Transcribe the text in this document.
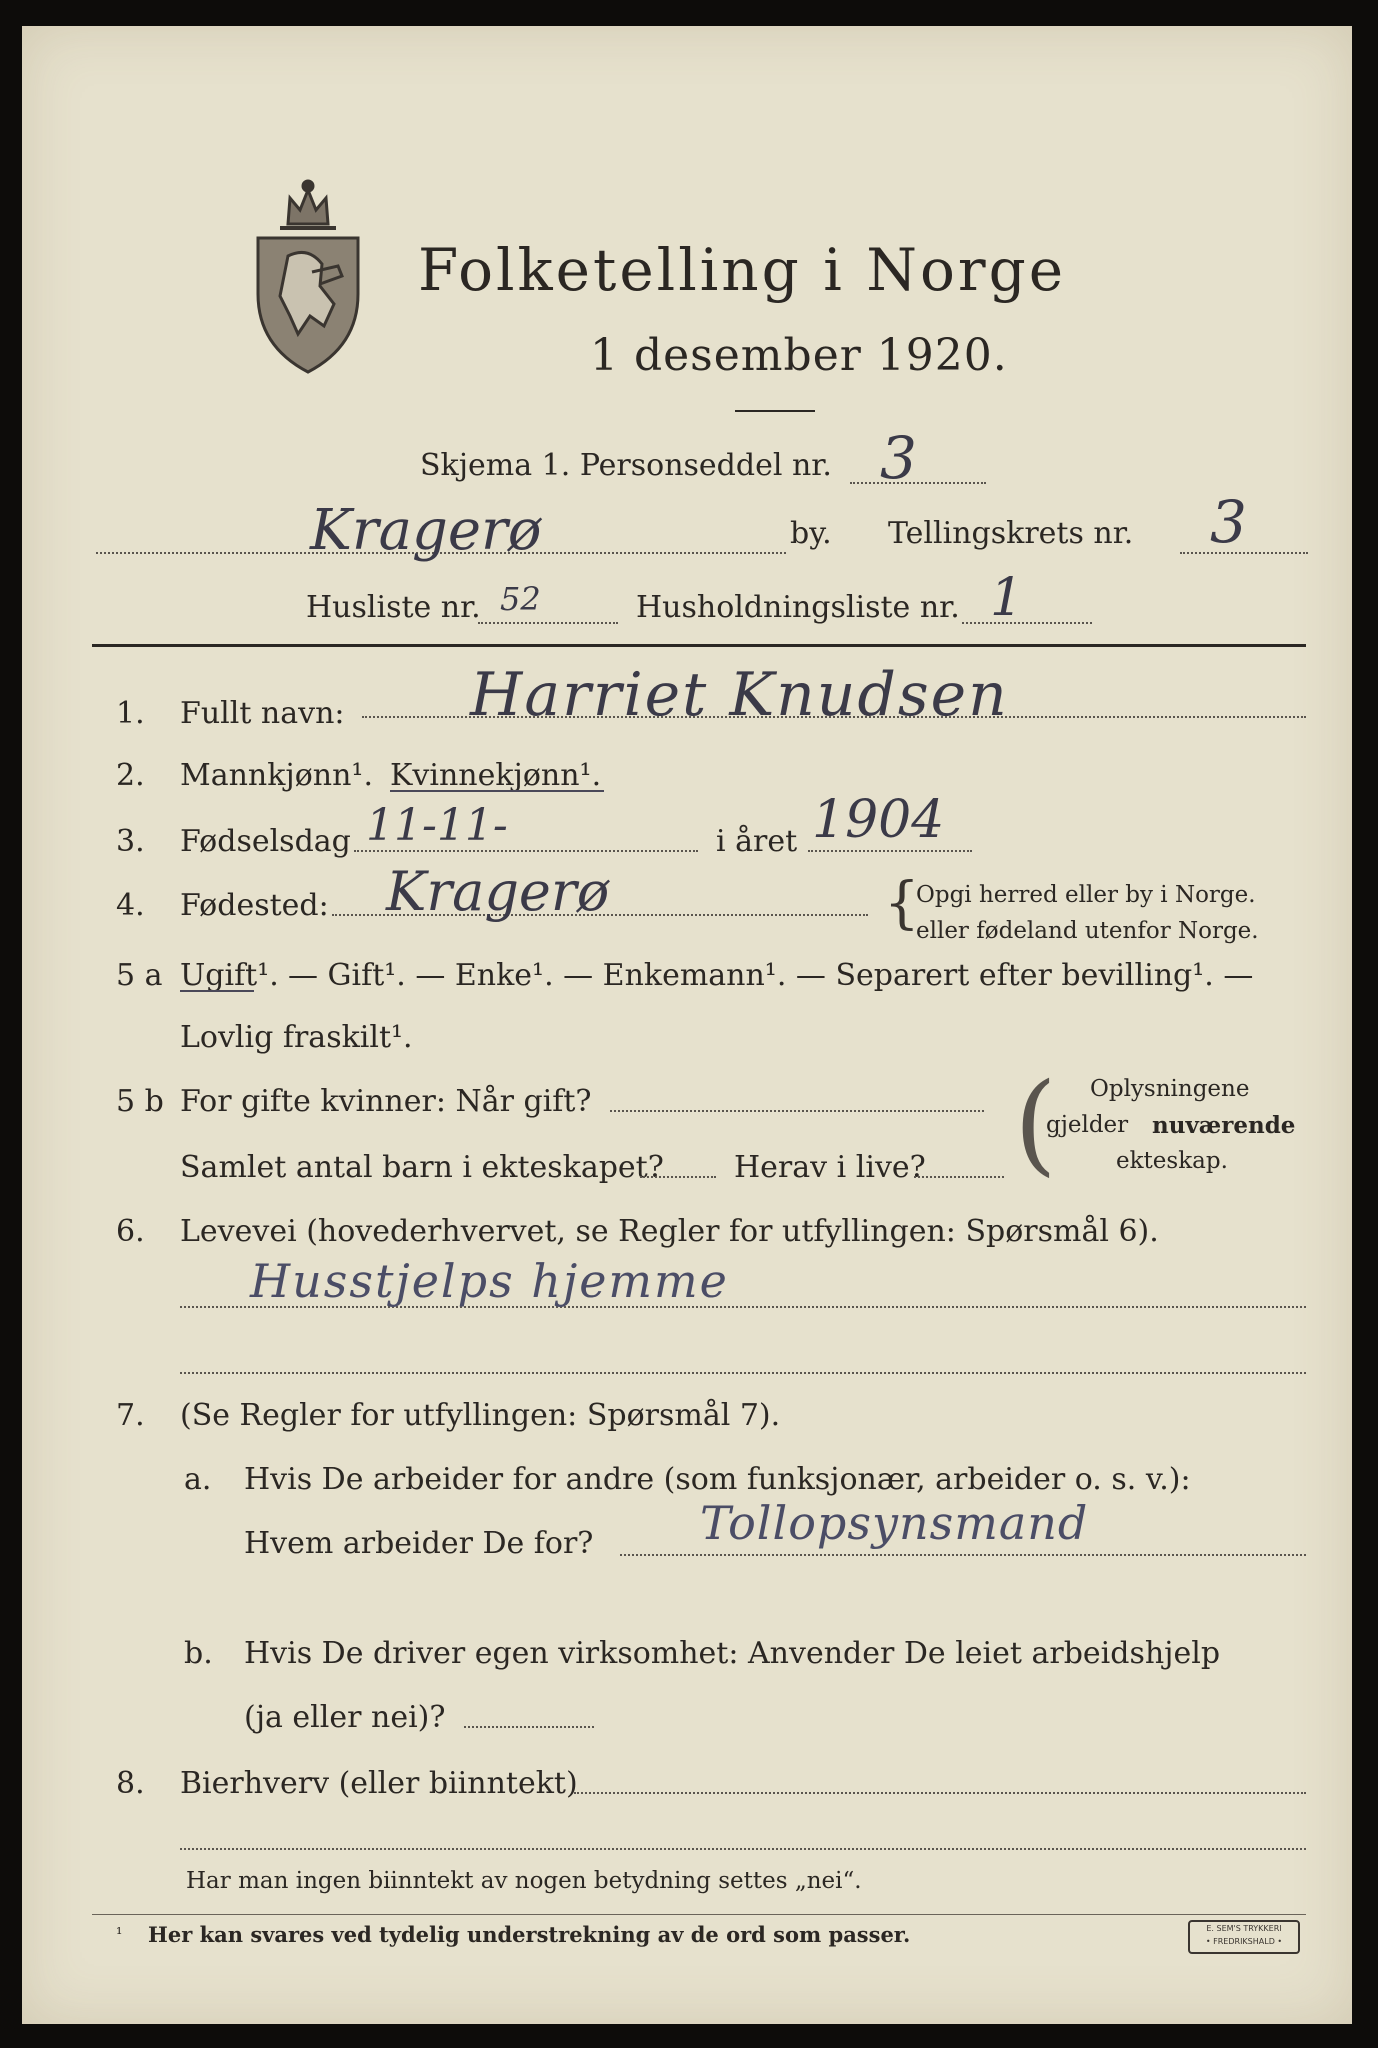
Folketelling i Norge
1 desember 1920.
Skjema 1. Personseddel nr. 3
Kragerø	by. Tellingskrets nr. 3
Husliste nr. 52	Husholdningsliste nr. 1
1. Fullt navn: Harriet Knudsen
2. Mannkjønn¹. Kvinnekjønn¹.
3. Fødselsdag 11-11-	i året 1904
4. Fødested: Kragerø	{
Opgi herred eller by i Norge.
eller fødeland utenfor Norge.
5 a Ugift¹. — Gift¹. — Enke¹. — Enkemann¹. — Separert efter bevilling¹. —
Lovlig fraskilt¹.
5 b For gifte kvinner: Når gift?
Samlet antal barn i ekteskapet? Herav i live? ( Oplysningene
gjelder nuværende
ekteskap.
6. Levevei (hovederhvervet, se Regler for utfyllingen: Spørsmål 6).
Husstjelps hjemme
7. (Se Regler for utfyllingen: Spørsmål 7).
a. Hvis De arbeider for andre (som funksjonær, arbeider o. s. v.):
Hvem arbeider De for? Tollopsynsmand
b. Hvis De driver egen virksomhet: Anvender De leiet arbeidshjelp
(ja eller nei)?
8. Bierhverv (eller biinntekt)
Har man ingen biinntekt av nogen betydning settes „nei“.
¹ Her kan svares ved tydelig understrekning av de ord som passer.	E. SEM'S TRYKKERI
• FREDRIKSHALD •
